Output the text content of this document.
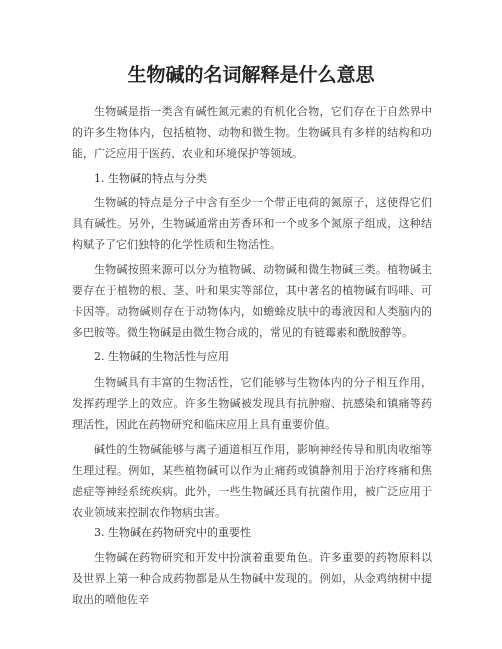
生物碱的名词解释是什么意思

生物碱是指一类含有碱性氮元素的有机化合物，它们存在于自然界中的许多生物体内，包括植物、动物和微生物。生物碱具有多样的结构和功能，广泛应用于医药、农业和环境保护等领域。

1. 生物碱的特点与分类

生物碱的特点是分子中含有至少一个带正电荷的氮原子，这使得它们具有碱性。另外，生物碱通常由芳香环和一个或多个氮原子组成，这种结构赋予了它们独特的化学性质和生物活性。

生物碱按照来源可以分为植物碱、动物碱和微生物碱三类。植物碱主要存在于植物的根、茎、叶和果实等部位，其中著名的植物碱有吗啡、可卡因等。动物碱则存在于动物体内，如蟾蜍皮肤中的毒液因和人类脑内的多巴胺等。微生物碱是由微生物合成的，常见的有链霉素和酰胺醇等。

2. 生物碱的生物活性与应用

生物碱具有丰富的生物活性，它们能够与生物体内的分子相互作用，发挥药理学上的效应。许多生物碱被发现具有抗肿瘤、抗感染和镇痛等药理活性，因此在药物研究和临床应用上具有重要价值。

碱性的生物碱能够与离子通道相互作用，影响神经传导和肌肉收缩等生理过程。例如，某些植物碱可以作为止痛药或镇静剂用于治疗疼痛和焦虑症等神经系统疾病。此外，一些生物碱还具有抗菌作用，被广泛应用于农业领域来控制农作物病虫害。

3. 生物碱在药物研究中的重要性

生物碱在药物研究和开发中扮演着重要角色。许多重要的药物原料以及世界上第一种合成药物都是从生物碱中发现的。例如，从金鸡纳树中提取出的喷他佐辛
